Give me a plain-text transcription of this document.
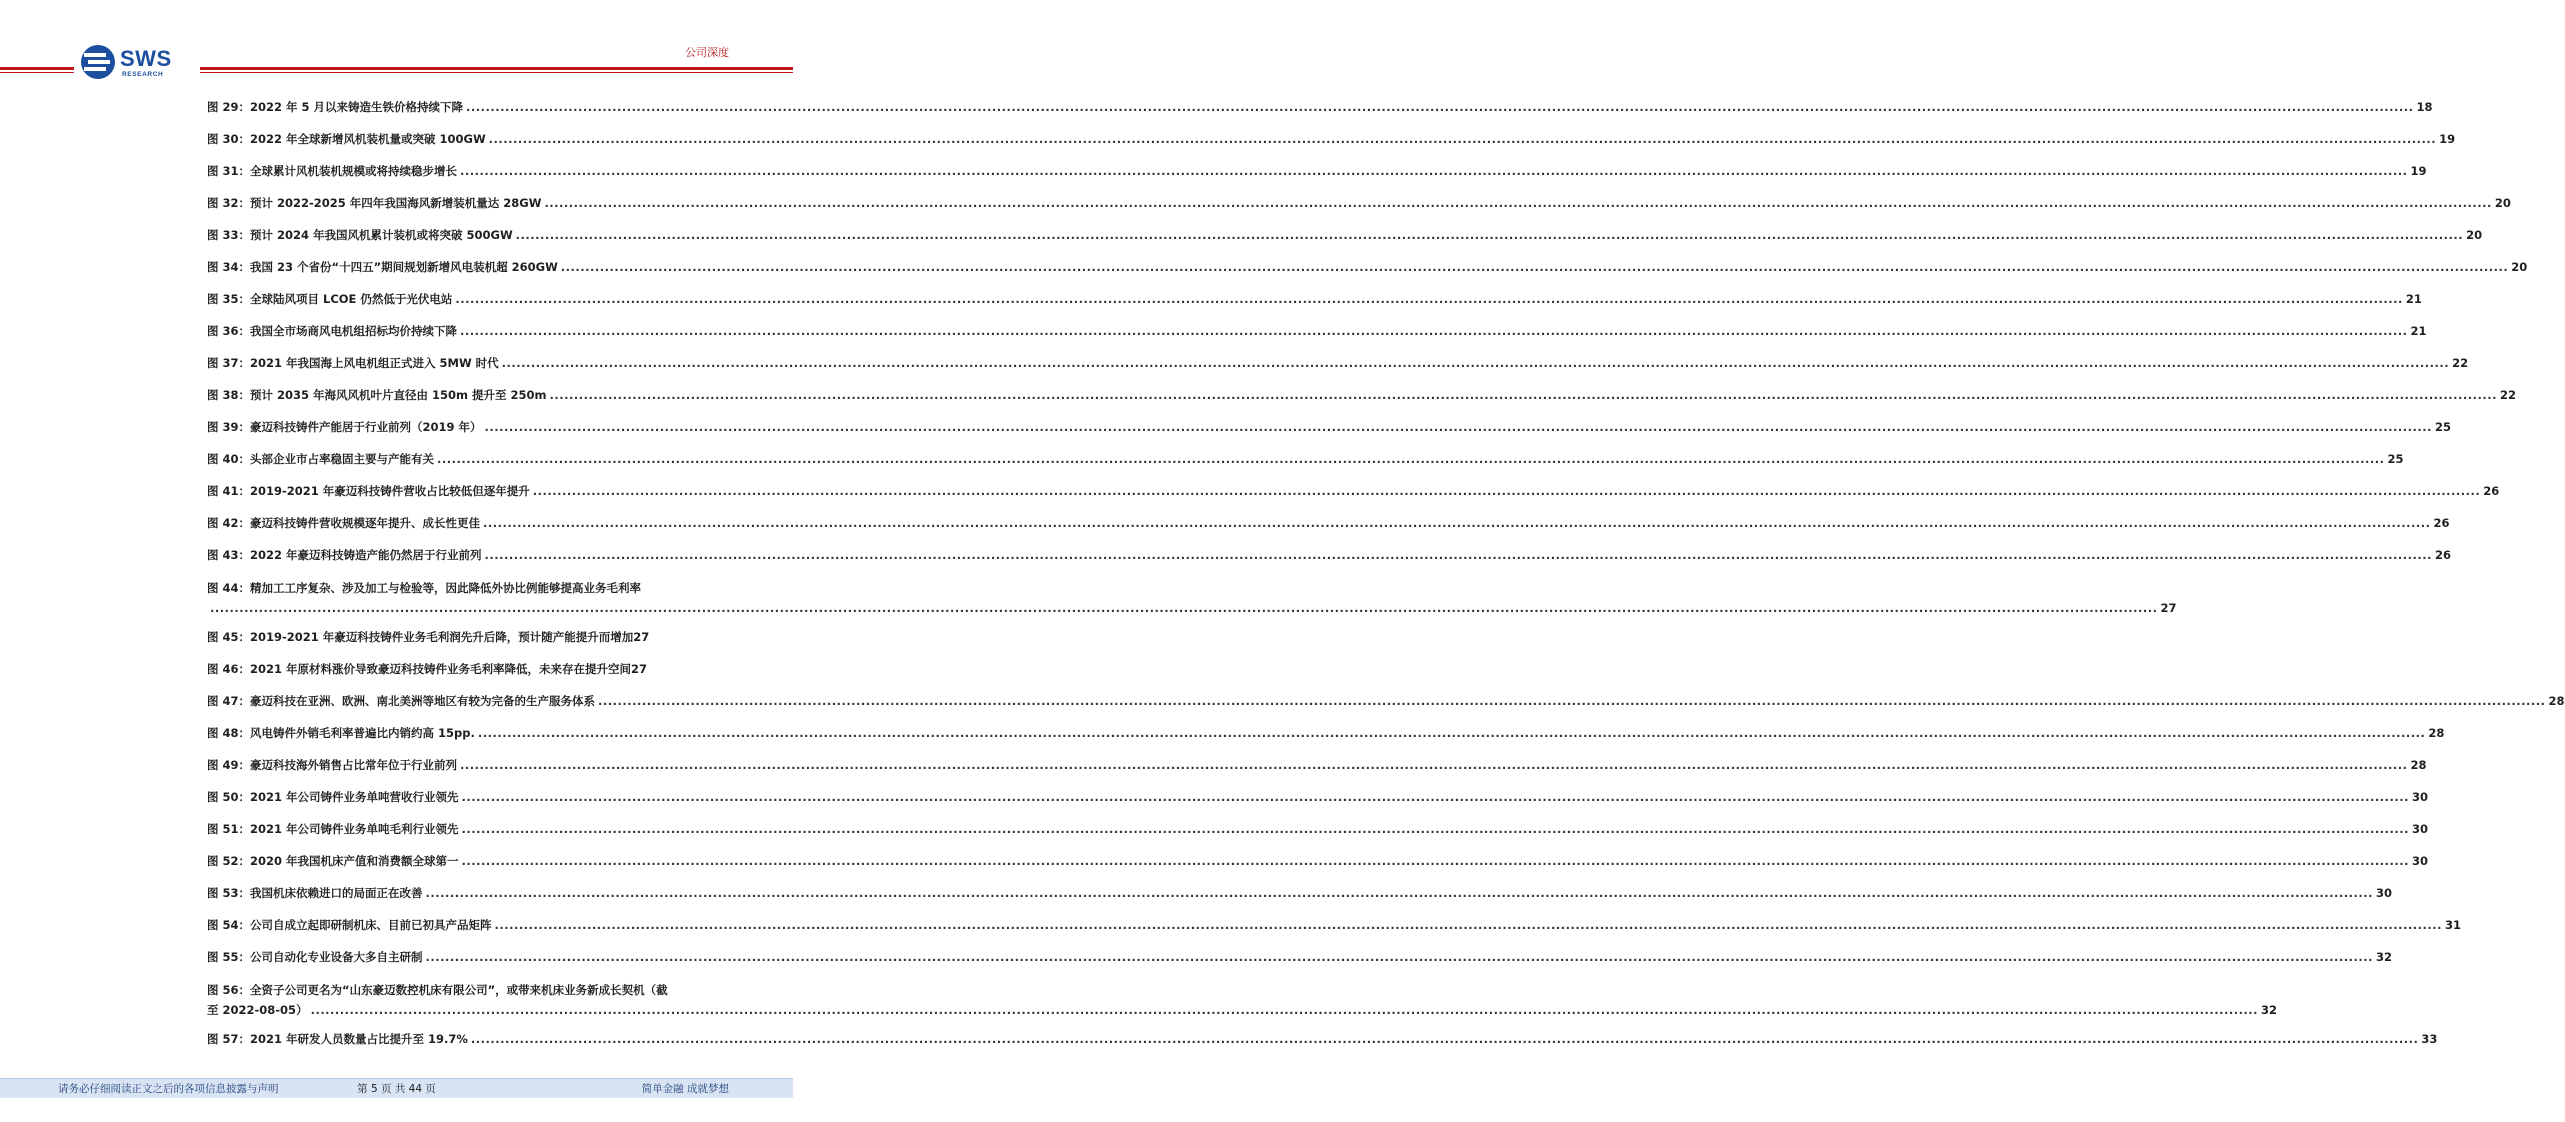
SWS
RESEARCH
公司深度
图 29：2022 年 5 月以来铸造生铁价格持续下降 ................................................................................................................................................................................................................................................................................................................................................................................................................ 18
图 30：2022 年全球新增风机装机量或突破 100GW ................................................................................................................................................................................................................................................................................................................................................................................................................ 19
图 31：全球累计风机装机规模或将持续稳步增长 ................................................................................................................................................................................................................................................................................................................................................................................................................ 19
图 32：预计 2022-2025 年四年我国海风新增装机量达 28GW ................................................................................................................................................................................................................................................................................................................................................................................................................ 20
图 33：预计 2024 年我国风机累计装机或将突破 500GW ................................................................................................................................................................................................................................................................................................................................................................................................................ 20
图 34：我国 23 个省份“十四五”期间规划新增风电装机超 260GW ................................................................................................................................................................................................................................................................................................................................................................................................................ 20
图 35：全球陆风项目 LCOE 仍然低于光伏电站 ................................................................................................................................................................................................................................................................................................................................................................................................................ 21
图 36：我国全市场商风电机组招标均价持续下降 ................................................................................................................................................................................................................................................................................................................................................................................................................ 21
图 37：2021 年我国海上风电机组正式进入 5MW 时代 ................................................................................................................................................................................................................................................................................................................................................................................................................ 22
图 38：预计 2035 年海风风机叶片直径由 150m 提升至 250m ................................................................................................................................................................................................................................................................................................................................................................................................................ 22
图 39：豪迈科技铸件产能居于行业前列（2019 年） ................................................................................................................................................................................................................................................................................................................................................................................................................ 25
图 40：头部企业市占率稳固主要与产能有关 ................................................................................................................................................................................................................................................................................................................................................................................................................ 25
图 41：2019-2021 年豪迈科技铸件营收占比较低但逐年提升 ................................................................................................................................................................................................................................................................................................................................................................................................................ 26
图 42：豪迈科技铸件营收规模逐年提升、成长性更佳 ................................................................................................................................................................................................................................................................................................................................................................................................................ 26
图 43：2022 年豪迈科技铸造产能仍然居于行业前列 ................................................................................................................................................................................................................................................................................................................................................................................................................ 26
图 44：精加工工序复杂、涉及加工与检验等，因此降低外协比例能够提高业务毛利率
................................................................................................................................................................................................................................................................................................................................................................................................................ 27
图 45：2019-2021 年豪迈科技铸件业务毛利润先升后降，预计随产能提升而增加 27
图 46：2021 年原材料涨价导致豪迈科技铸件业务毛利率降低，未来存在提升空间 27
图 47：豪迈科技在亚洲、欧洲、南北美洲等地区有较为完备的生产服务体系 ................................................................................................................................................................................................................................................................................................................................................................................................................ 28
图 48：风电铸件外销毛利率普遍比内销约高 15pp. ................................................................................................................................................................................................................................................................................................................................................................................................................ 28
图 49：豪迈科技海外销售占比常年位于行业前列 ................................................................................................................................................................................................................................................................................................................................................................................................................ 28
图 50：2021 年公司铸件业务单吨营收行业领先 ................................................................................................................................................................................................................................................................................................................................................................................................................ 30
图 51：2021 年公司铸件业务单吨毛利行业领先 ................................................................................................................................................................................................................................................................................................................................................................................................................ 30
图 52：2020 年我国机床产值和消费额全球第一 ................................................................................................................................................................................................................................................................................................................................................................................................................ 30
图 53：我国机床依赖进口的局面正在改善 ................................................................................................................................................................................................................................................................................................................................................................................................................ 30
图 54：公司自成立起即研制机床、目前已初具产品矩阵 ................................................................................................................................................................................................................................................................................................................................................................................................................ 31
图 55：公司自动化专业设备大多自主研制 ................................................................................................................................................................................................................................................................................................................................................................................................................ 32
图 56：全资子公司更名为“山东豪迈数控机床有限公司”，或带来机床业务新成长契机（截
至 2022-08-05） ................................................................................................................................................................................................................................................................................................................................................................................................................ 32
图 57：2021 年研发人员数量占比提升至 19.7% ................................................................................................................................................................................................................................................................................................................................................................................................................ 33
请务必仔细阅读正文之后的各项信息披露与声明	第 5 页 共 44 页	简单金融 成就梦想
